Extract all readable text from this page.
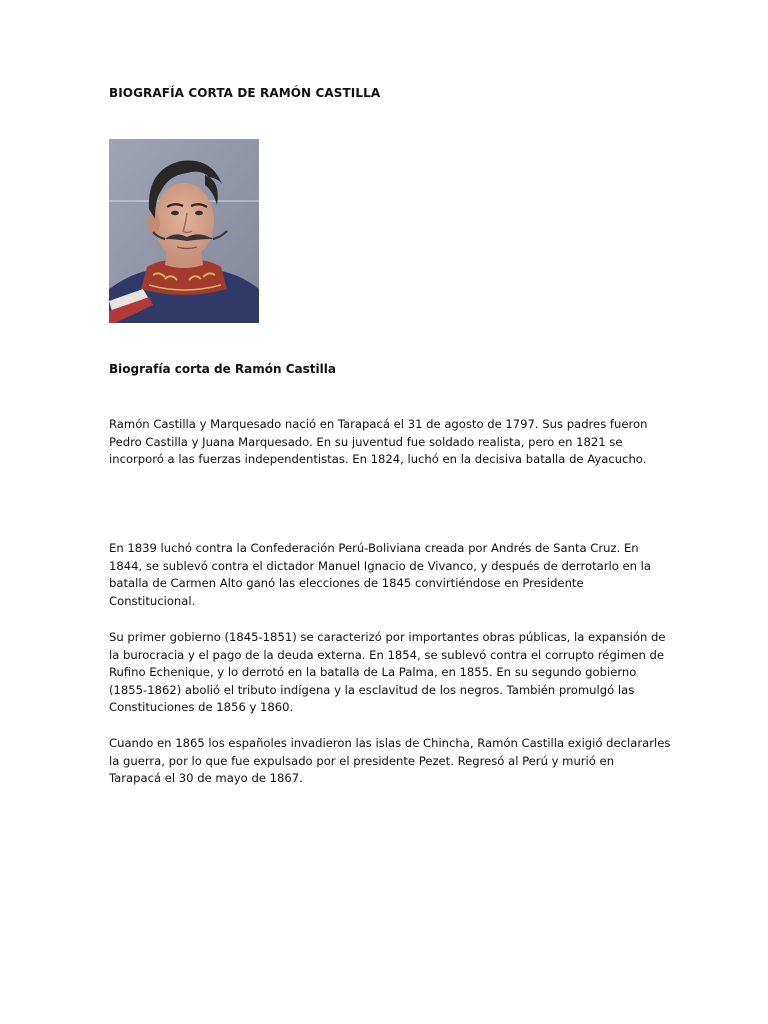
BIOGRAFÍA CORTA DE RAMÓN CASTILLA
Biografía corta de Ramón Castilla

Ramón Castilla y Marquesado nació en Tarapacá el 31 de agosto de 1797. Sus padres fueron
Pedro Castilla y Juana Marquesado. En su juventud fue soldado realista, pero en 1821 se
incorporó a las fuerzas independentistas. En 1824, luchó en la decisiva batalla de Ayacucho.

En 1839 luchó contra la Confederación Perú-Boliviana creada por Andrés de Santa Cruz. En
1844, se sublevó contra el dictador Manuel Ignacio de Vivanco, y después de derrotarlo en la
batalla de Carmen Alto ganó las elecciones de 1845 convirtiéndose en Presidente
Constitucional.

Su primer gobierno (1845-1851) se caracterizó por importantes obras públicas, la expansión de
la burocracia y el pago de la deuda externa. En 1854, se sublevó contra el corrupto régimen de
Rufino Echenique, y lo derrotó en la batalla de La Palma, en 1855. En su segundo gobierno
(1855-1862) abolió el tributo indígena y la esclavitud de los negros. También promulgó las
Constituciones de 1856 y 1860.

Cuando en 1865 los españoles invadieron las islas de Chincha, Ramón Castilla exigió declararles
la guerra, por lo que fue expulsado por el presidente Pezet. Regresó al Perú y murió en
Tarapacá el 30 de mayo de 1867.
